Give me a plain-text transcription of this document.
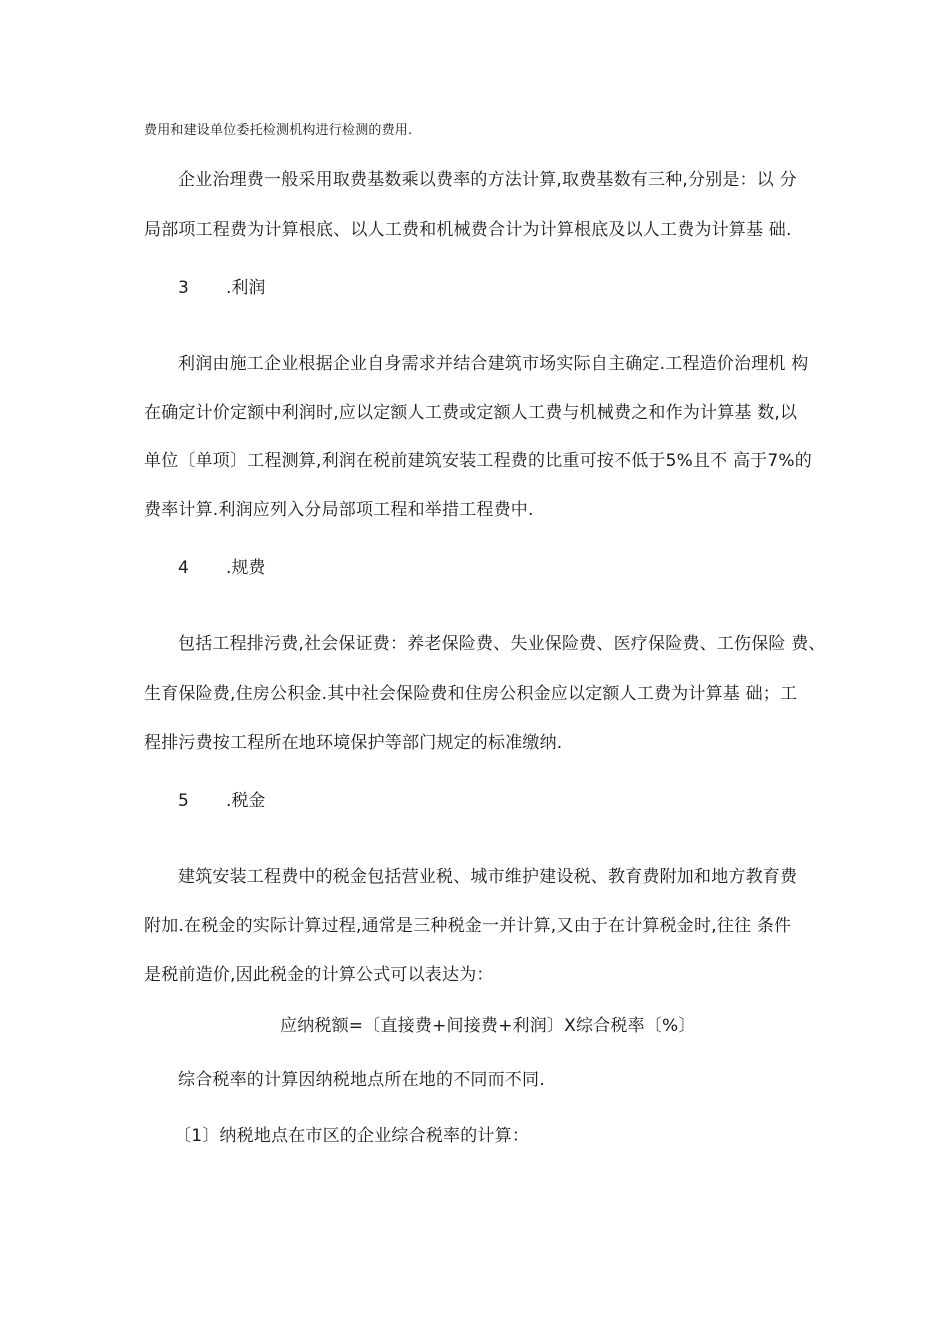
费用和建设单位委托检测机构进行检测的费用.
企业治理费一般采用取费基数乘以费率的方法计算,取费基数有三种,分别是：以 分
局部项工程费为计算根底、以人工费和机械费合计为计算根底及以人工费为计算基 础.
3 .利润
利润由施工企业根据企业自身需求并结合建筑市场实际自主确定.工程造价治理机 构
在确定计价定额中利润时,应以定额人工费或定额人工费与机械费之和作为计算基 数,以
单位〔单项〕工程测算,利润在税前建筑安装工程费的比重可按不低于5%且不 高于7%的
费率计算.利润应列入分局部项工程和举措工程费中.
4 .规费
包括工程排污费,社会保证费：养老保险费、失业保险费、医疗保险费、工伤保险 费、
生育保险费,住房公积金.其中社会保险费和住房公积金应以定额人工费为计算基 础；工
程排污费按工程所在地环境保护等部门规定的标准缴纳.
5 .税金
建筑安装工程费中的税金包括营业税、城市维护建设税、教育费附加和地方教育费
附加.在税金的实际计算过程,通常是三种税金一并计算,又由于在计算税金时,往往 条件
是税前造价,因此税金的计算公式可以表达为：
应纳税额=〔直接费+间接费+利润〕X综合税率〔%〕
综合税率的计算因纳税地点所在地的不同而不同.
〔1〕纳税地点在市区的企业综合税率的计算：
